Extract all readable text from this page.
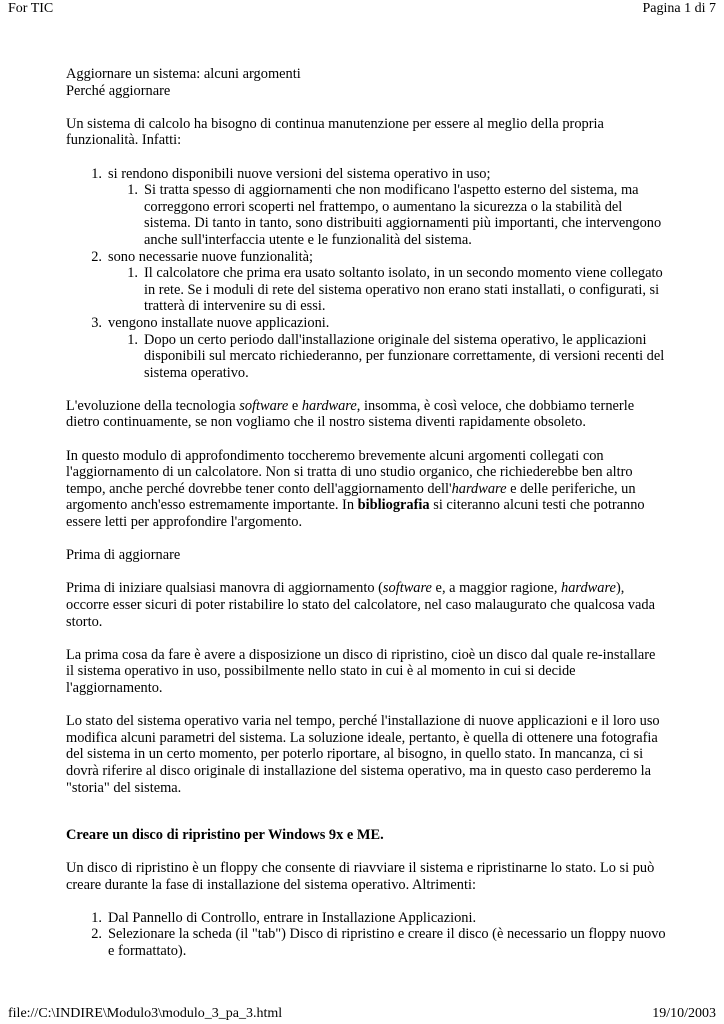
For TIC	Pagina 1 di 7

Aggiornare un sistema: alcuni argomenti

Perché aggiornare

Un sistema di calcolo ha bisogno di continua manutenzione per essere al meglio della propria funzionalità. Infatti:

1. si rendono disponibili nuove versioni del sistema operativo in uso;
1. Si tratta spesso di aggiornamenti che non modificano l'aspetto esterno del sistema, ma correggono errori scoperti nel frattempo, o aumentano la sicurezza o la stabilità del sistema. Di tanto in tanto, sono distribuiti aggiornamenti più importanti, che intervengono anche sull'interfaccia utente e le funzionalità del sistema.
2. sono necessarie nuove funzionalità;
1. Il calcolatore che prima era usato soltanto isolato, in un secondo momento viene collegato in rete. Se i moduli di rete del sistema operativo non erano stati installati, o configurati, si tratterà di intervenire su di essi.
3. vengono installate nuove applicazioni.
1. Dopo un certo periodo dall'installazione originale del sistema operativo, le applicazioni disponibili sul mercato richiederanno, per funzionare correttamente, di versioni recenti del sistema operativo.

L'evoluzione della tecnologia software e hardware, insomma, è così veloce, che dobbiamo ternerle dietro continuamente, se non vogliamo che il nostro sistema diventi rapidamente obsoleto.

In questo modulo di approfondimento toccheremo brevemente alcuni argomenti collegati con l'aggiornamento di un calcolatore. Non si tratta di uno studio organico, che richiederebbe ben altro tempo, anche perché dovrebbe tener conto dell'aggiornamento dell'hardware e delle periferiche, un argomento anch'esso estremamente importante. In bibliografia si citeranno alcuni testi che potranno essere letti per approfondire l'argomento.

Prima di aggiornare

Prima di iniziare qualsiasi manovra di aggiornamento (software e, a maggior ragione, hardware), occorre esser sicuri di poter ristabilire lo stato del calcolatore, nel caso malaugurato che qualcosa vada storto.

La prima cosa da fare è avere a disposizione un disco di ripristino, cioè un disco dal quale re-installare il sistema operativo in uso, possibilmente nello stato in cui è al momento in cui si decide l'aggiornamento.

Lo stato del sistema operativo varia nel tempo, perché l'installazione di nuove applicazioni e il loro uso modifica alcuni parametri del sistema. La soluzione ideale, pertanto, è quella di ottenere una fotografia del sistema in un certo momento, per poterlo riportare, al bisogno, in quello stato. In mancanza, ci si dovrà riferire al disco originale di installazione del sistema operativo, ma in questo caso perderemo la "storia" del sistema.

Creare un disco di ripristino per Windows 9x e ME.

Un disco di ripristino è un floppy che consente di riavviare il sistema e ripristinarne lo stato. Lo si può creare durante la fase di installazione del sistema operativo. Altrimenti:

1. Dal Pannello di Controllo, entrare in Installazione Applicazioni.
2. Selezionare la scheda (il "tab") Disco di ripristino e creare il disco (è necessario un floppy nuovo e formattato).
file://C:\INDIRE\Modulo3\modulo_3_pa_3.html	19/10/2003
